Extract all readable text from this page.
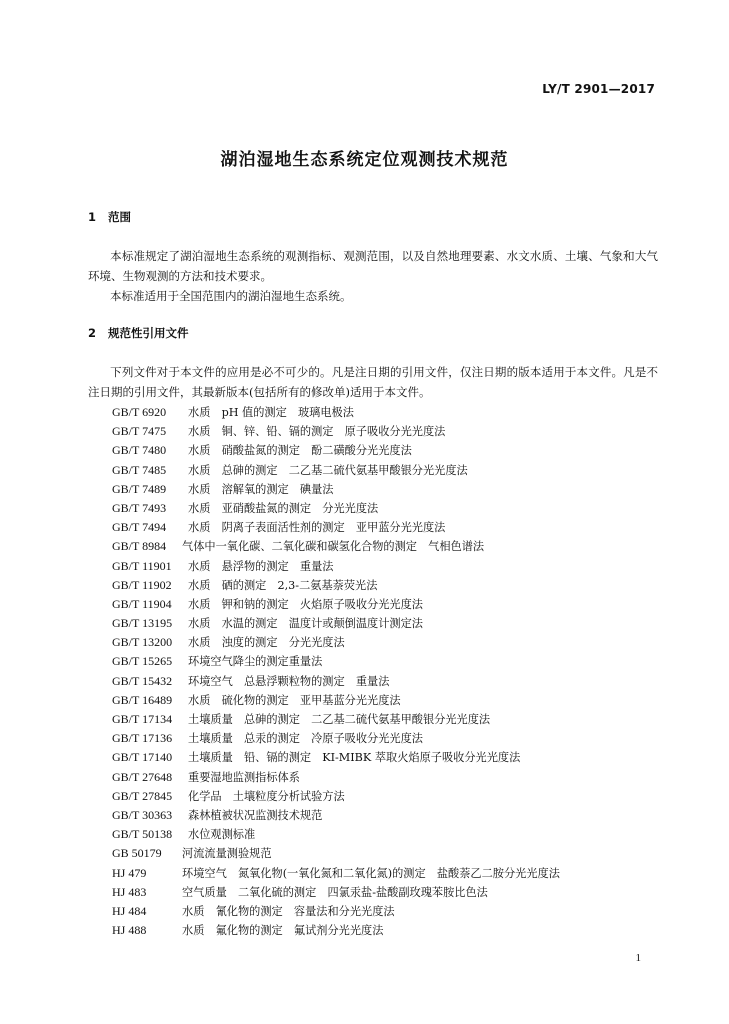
LY/T 2901—2017
湖泊湿地生态系统定位观测技术规范
1 范围
本标准规定了湖泊湿地生态系统的观测指标、观测范围，以及自然地理要素、水文水质、土壤、气象和大气环境、生物观测的方法和技术要求。
本标准适用于全国范围内的湖泊湿地生态系统。
2 规范性引用文件
下列文件对于本文件的应用是必不可少的。凡是注日期的引用文件，仅注日期的版本适用于本文件。凡是不注日期的引用文件，其最新版本(包括所有的修改单)适用于本文件。
GB/T 6920 水质　pH 值的测定　玻璃电极法
GB/T 7475 水质　铜、锌、铅、镉的测定　原子吸收分光光度法
GB/T 7480 水质　硝酸盐氮的测定　酚二磺酸分光光度法
GB/T 7485 水质　总砷的测定　二乙基二硫代氨基甲酸银分光光度法
GB/T 7489 水质　溶解氧的测定　碘量法
GB/T 7493 水质　亚硝酸盐氮的测定　分光光度法
GB/T 7494 水质　阴离子表面活性剂的测定　亚甲蓝分光光度法
GB/T 8984 气体中一氧化碳、二氧化碳和碳氢化合物的测定　气相色谱法
GB/T 11901 水质　悬浮物的测定　重量法
GB/T 11902 水质　硒的测定　2,3-二氨基萘荧光法
GB/T 11904 水质　钾和钠的测定　火焰原子吸收分光光度法
GB/T 13195 水质　水温的测定　温度计或颠倒温度计测定法
GB/T 13200 水质　浊度的测定　分光光度法
GB/T 15265 环境空气降尘的测定重量法
GB/T 15432 环境空气　总悬浮颗粒物的测定　重量法
GB/T 16489 水质　硫化物的测定　亚甲基蓝分光光度法
GB/T 17134 土壤质量　总砷的测定　二乙基二硫代氨基甲酸银分光光度法
GB/T 17136 土壤质量　总汞的测定　冷原子吸收分光光度法
GB/T 17140 土壤质量　铅、镉的测定　KI-MIBK 萃取火焰原子吸收分光光度法
GB/T 27648 重要湿地监测指标体系
GB/T 27845 化学品　土壤粒度分析试验方法
GB/T 30363 森林植被状况监测技术规范
GB/T 50138 水位观测标准
GB 50179 河流流量测验规范
HJ 479	环境空气　氮氧化物(一氧化氮和二氧化氮)的测定　盐酸萘乙二胺分光光度法
HJ 483	空气质量　二氧化硫的测定　四氯汞盐-盐酸副玫瑰苯胺比色法
HJ 484	水质　氰化物的测定　容量法和分光光度法
HJ 488	水质　氟化物的测定　氟试剂分光光度法
1
